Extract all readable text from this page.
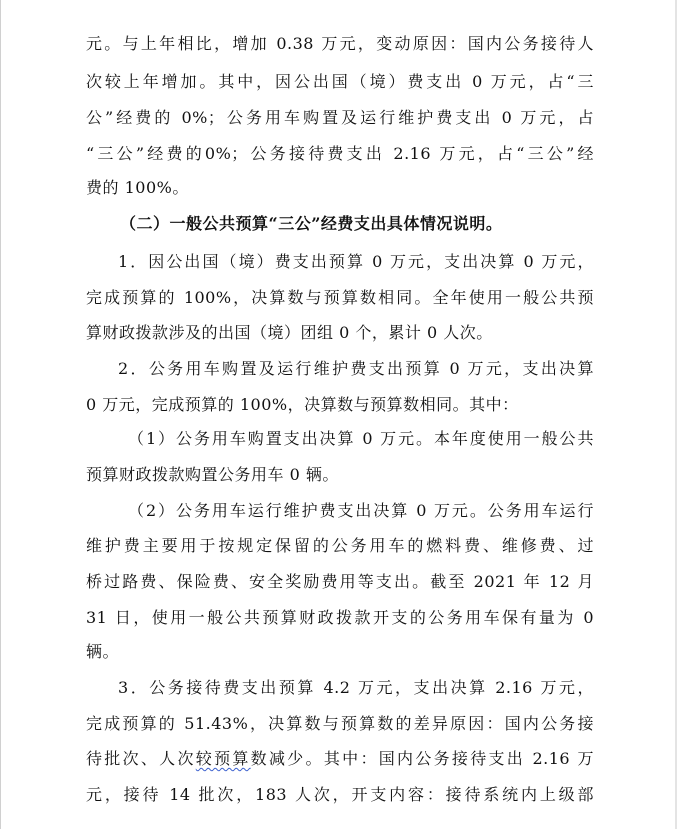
元。与上年相比，增加 0.38 万元，变动原因：国内公务接待人
次较上年增加。其中，因公出国（境）费支出 0 万元，占“三
公”经费的 0%；公务用车购置及运行维护费支出 0 万元，占
“三公”经费的0%；公务接待费支出 2.16 万元，占“三公”经
费的 100%。
（二）一般公共预算“三公”经费支出具体情况说明。
1．因公出国（境）费支出预算 0 万元，支出决算 0 万元，
完成预算的 100%，决算数与预算数相同。全年使用一般公共预
算财政拨款涉及的出国（境）团组 0 个，累计 0 人次。
2．公务用车购置及运行维护费支出预算 0 万元，支出决算
0 万元，完成预算的 100%，决算数与预算数相同。其中：
（1）公务用车购置支出决算 0 万元。本年度使用一般公共
预算财政拨款购置公务用车 0 辆。
（2）公务用车运行维护费支出决算 0 万元。公务用车运行
维护费主要用于按规定保留的公务用车的燃料费、维修费、过
桥过路费、保险费、安全奖励费用等支出。截至 2021 年 12 月
31 日，使用一般公共预算财政拨款开支的公务用车保有量为 0
辆。
3．公务接待费支出预算 4.2 万元，支出决算 2.16 万元，
完成预算的 51.43%，决算数与预算数的差异原因：国内公务接
待批次、人次较预算数减少。其中：国内公务接待支出 2.16 万
元，接待 14 批次，183 人次，开支内容：接待系统内上级部
